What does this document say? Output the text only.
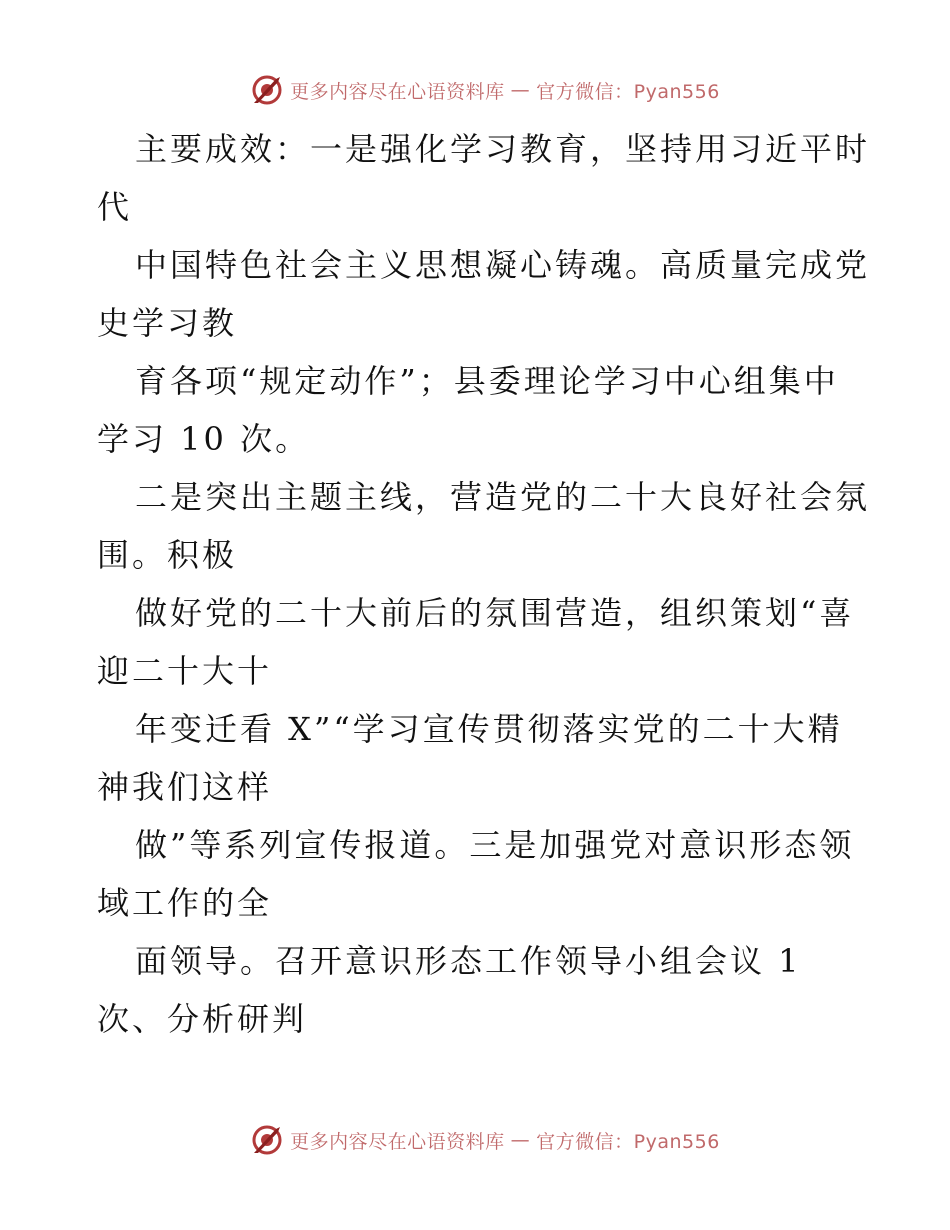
更多内容尽在心语资料库 — 官方微信：Pyan556
主要成效：一是强化学习教育，坚持用习近平时
代
中国特色社会主义思想凝心铸魂。高质量完成党
史学习教
育各项“规定动作”；县委理论学习中心组集中
学习 10 次。
二是突出主题主线，营造党的二十大良好社会氛
围。积极
做好党的二十大前后的氛围营造，组织策划“喜
迎二十大十
年变迁看 X”“学习宣传贯彻落实党的二十大精
神我们这样
做”等系列宣传报道。三是加强党对意识形态领
域工作的全
面领导。召开意识形态工作领导小组会议 1
次、分析研判
更多内容尽在心语资料库 — 官方微信：Pyan556
